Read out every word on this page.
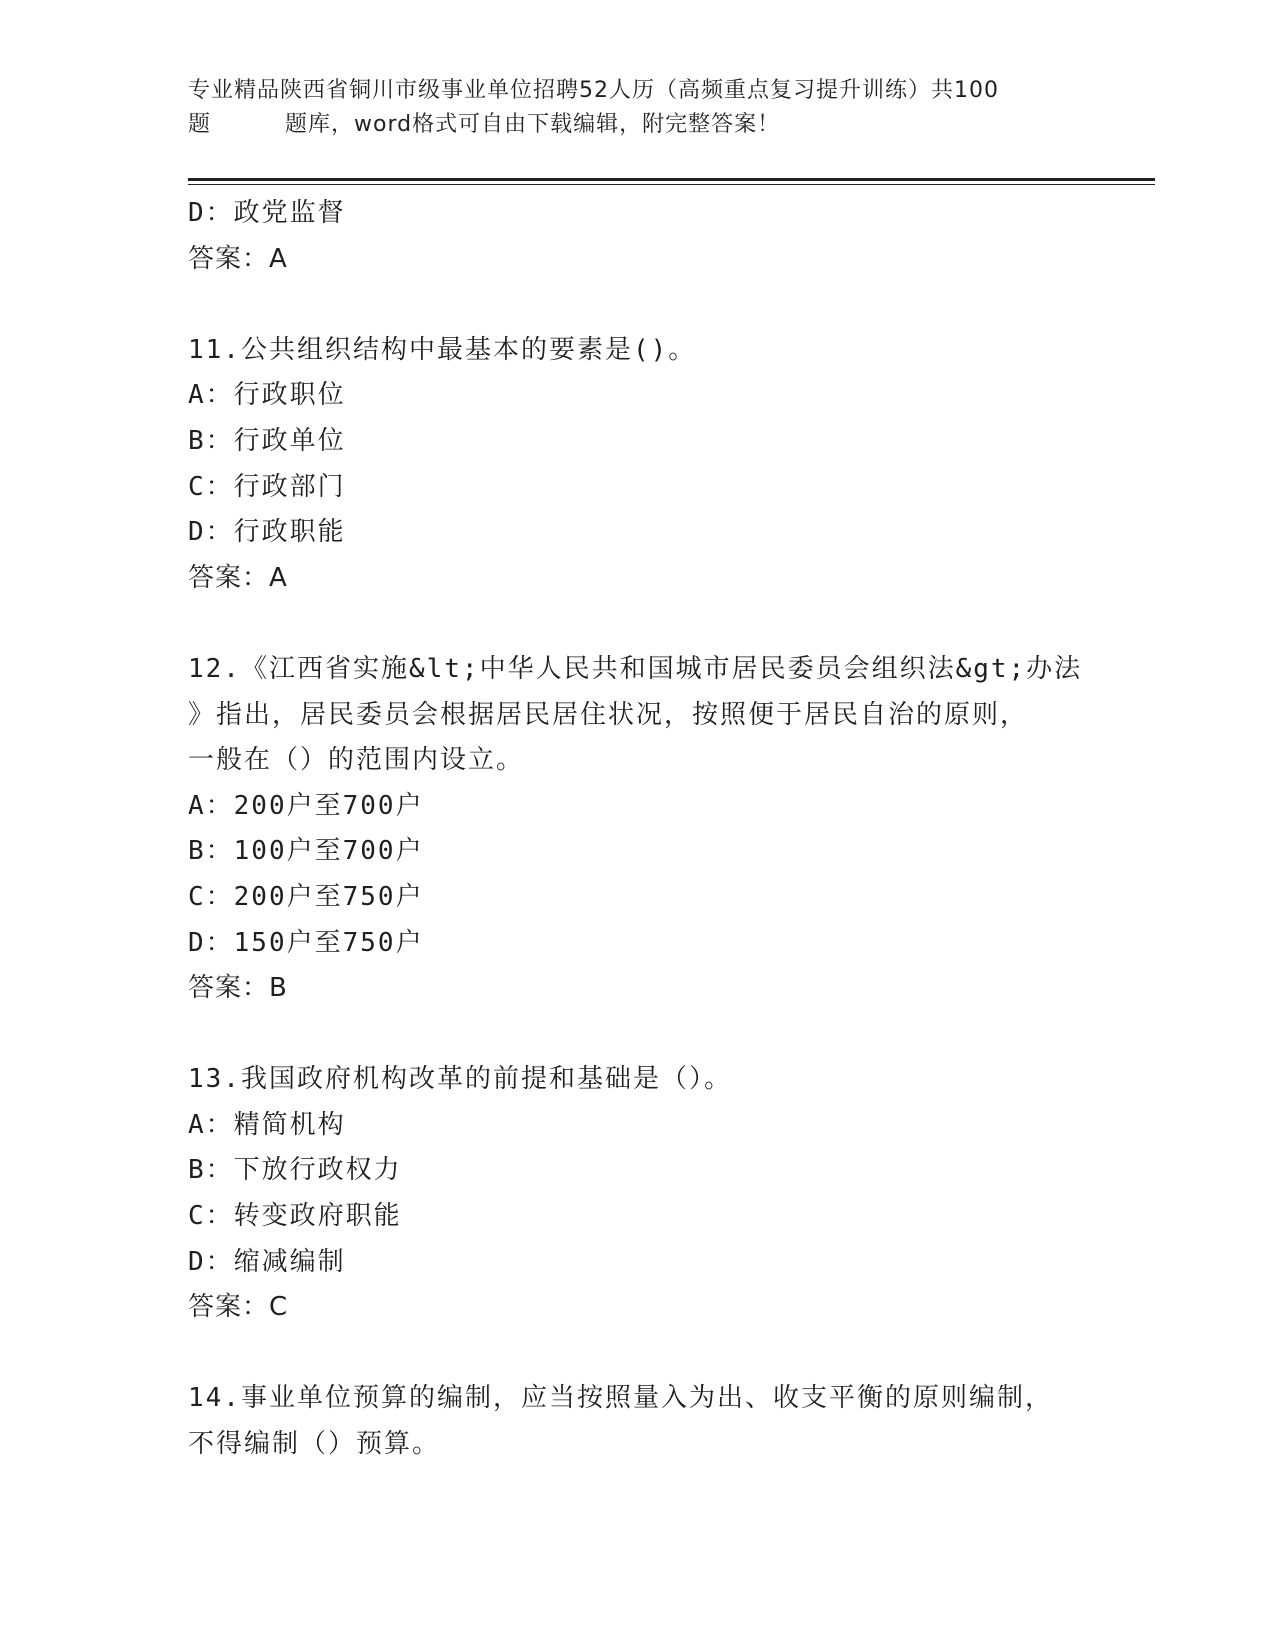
专业精品陕西省铜川市级事业单位招聘52人历（高频重点复习提升训练）共100
题	题库，word格式可自由下载编辑，附完整答案！
D：政党监督
答案：A
11.公共组织结构中最基本的要素是()。
A：行政职位
B：行政单位
C：行政部门
D：行政职能
答案：A
12.《江西省实施&lt;中华人民共和国城市居民委员会组织法&gt;办法
》指出，居民委员会根据居民居住状况，按照便于居民自治的原则，
一般在（）的范围内设立。
A：200户至700户
B：100户至700户
C：200户至750户
D：150户至750户
答案：B
13.我国政府机构改革的前提和基础是（）。
A：精简机构
B：下放行政权力
C：转变政府职能
D：缩减编制
答案：C
14.事业单位预算的编制，应当按照量入为出、收支平衡的原则编制，
不得编制（）预算。
